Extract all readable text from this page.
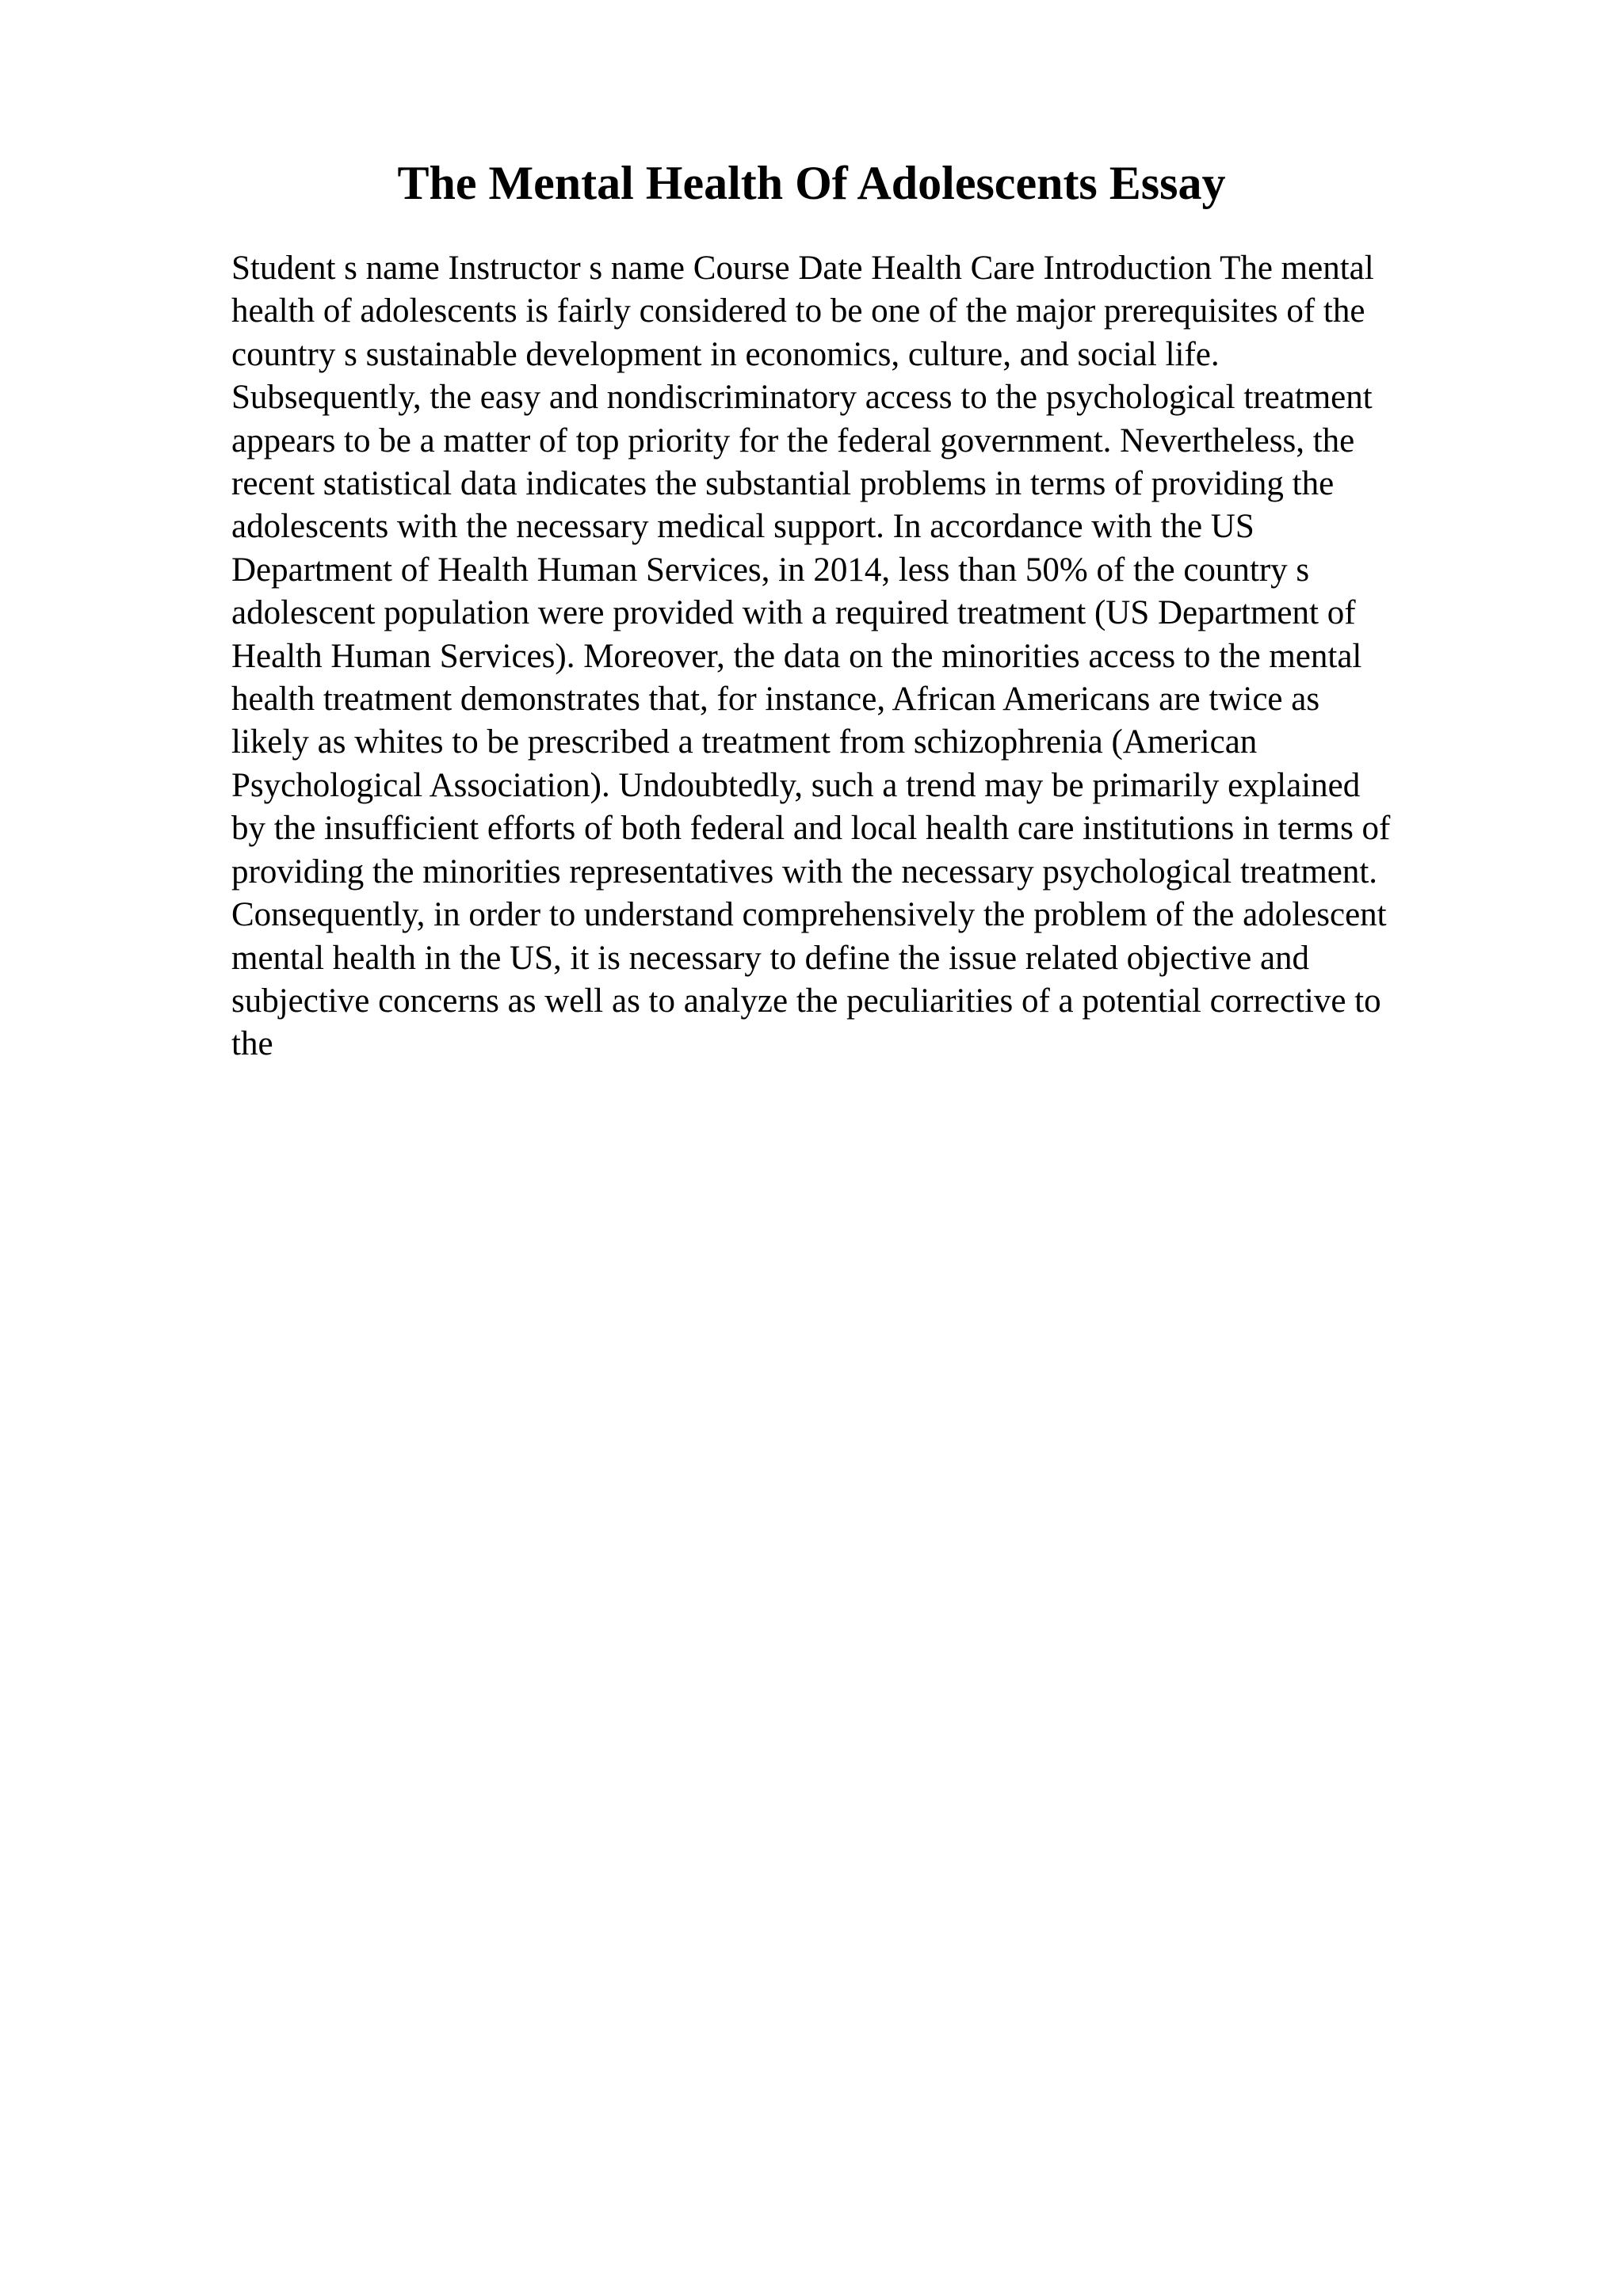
The Mental Health Of Adolescents Essay
Student s name Instructor s name Course Date Health Care Introduction The mental
health of adolescents is fairly considered to be one of the major prerequisites of the
country s sustainable development in economics, culture, and social life.
Subsequently, the easy and nondiscriminatory access to the psychological treatment
appears to be a matter of top priority for the federal government. Nevertheless, the
recent statistical data indicates the substantial problems in terms of providing the
adolescents with the necessary medical support. In accordance with the US
Department of Health Human Services, in 2014, less than 50% of the country s
adolescent population were provided with a required treatment (US Department of
Health Human Services). Moreover, the data on the minorities access to the mental
health treatment demonstrates that, for instance, African Americans are twice as
likely as whites to be prescribed a treatment from schizophrenia (American
Psychological Association). Undoubtedly, such a trend may be primarily explained
by the insufficient efforts of both federal and local health care institutions in terms of
providing the minorities representatives with the necessary psychological treatment.
Consequently, in order to understand comprehensively the problem of the adolescent
mental health in the US, it is necessary to define the issue related objective and
subjective concerns as well as to analyze the peculiarities of a potential corrective to
the
